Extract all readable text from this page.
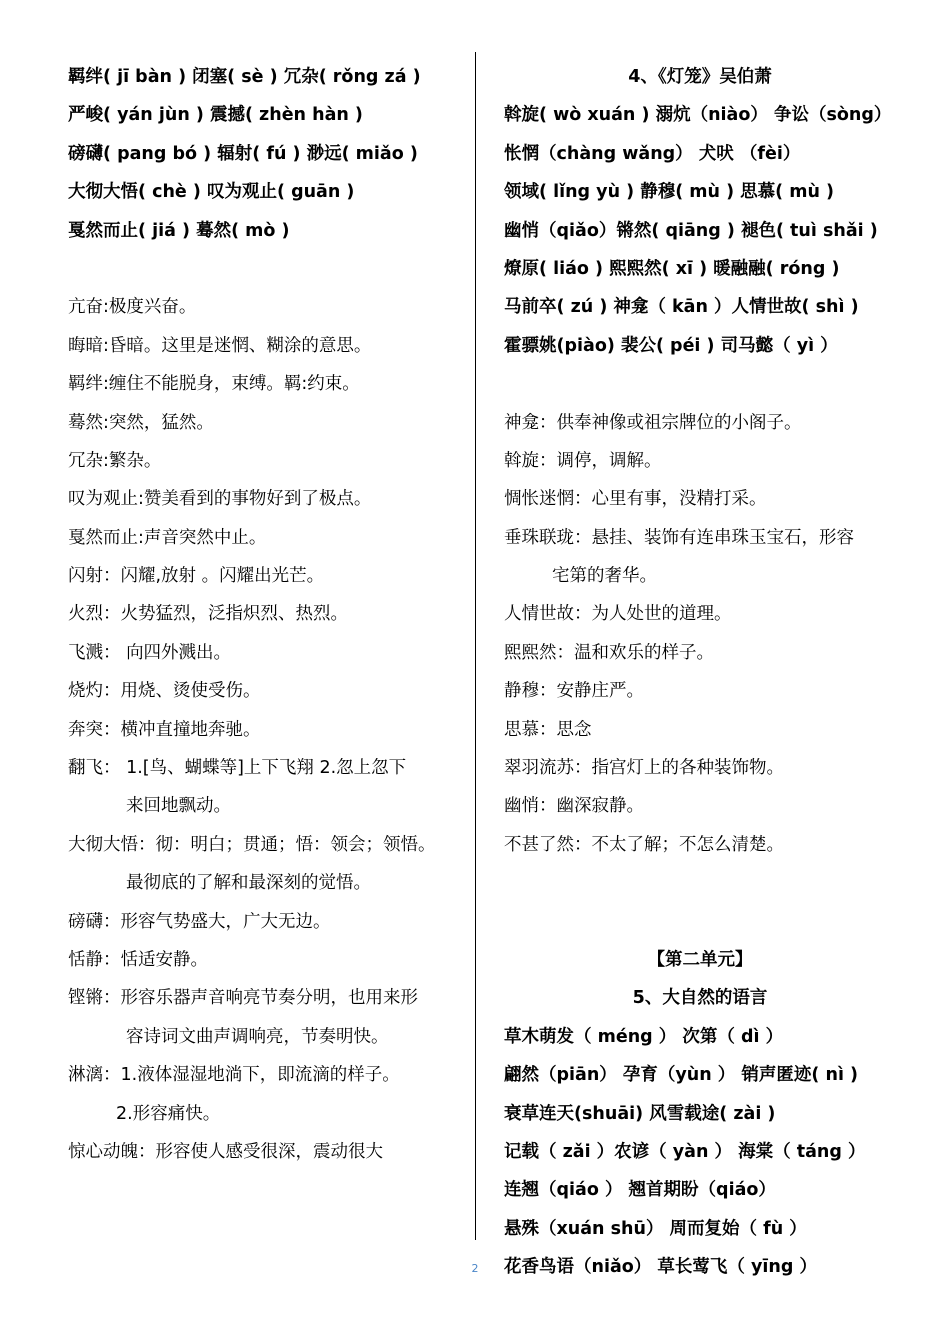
羁绊( jī bàn ) 闭塞( sè ) 冗杂( rǒng zá )
严峻( yán jùn ) 震撼( zhèn hàn )
磅礴( pang bó ) 辐射( fú ) 渺远( miǎo )
大彻大悟( chè ) 叹为观止( guān )
戛然而止( jiá ) 蓦然( mò )
亢奋:极度兴奋。
晦暗:昏暗。这里是迷惘、糊涂的意思。
羁绊:缠住不能脱身，束缚。羁:约束。
蓦然:突然，猛然。
冗杂:繁杂。
叹为观止:赞美看到的事物好到了极点。
戛然而止:声音突然中止。
闪射：闪耀,放射 。闪耀出光芒。
火烈：火势猛烈，泛指炽烈、热烈。
飞溅： 向四外溅出。
烧灼：用烧、烫使受伤。
奔突：横冲直撞地奔驰。
翻飞： 1.[鸟、蝴蝶等]上下飞翔 2.忽上忽下
来回地飘动。
大彻大悟：彻：明白；贯通；悟：领会；领悟。
最彻底的了解和最深刻的觉悟。
磅礴：形容气势盛大，广大无边。
恬静：恬适安静。
铿锵：形容乐器声音响亮节奏分明，也用来形
容诗词文曲声调响亮，节奏明快。
淋漓：1.液体湿湿地淌下，即流滴的样子。
2.形容痛快。
惊心动魄：形容使人感受很深，震动很大
4、《灯笼》吴伯萧
斡旋( wò xuán ) 溺炕（niào） 争讼（sòng）
怅惘（chàng wǎng） 犬吠 （fèi）
领域( lǐng yù ) 静穆( mù ) 思慕( mù )
幽悄（qiǎo）锵然( qiāng ) 褪色( tuì shǎi )
燎原( liáo ) 熙熙然( xī ) 暖融融( róng )
马前卒( zú ) 神龛（ kān ）人情世故( shì )
霍骠姚(piào) 裴公( péi ) 司马懿（ yì ）
神龛：供奉神像或祖宗牌位的小阁子。
斡旋：调停，调解。
惆怅迷惘：心里有事，没精打采。
垂珠联珑：悬挂、装饰有连串珠玉宝石，形容
宅第的奢华。
人情世故：为人处世的道理。
熙熙然：温和欢乐的样子。
静穆：安静庄严。
思慕：思念
翠羽流苏：指宫灯上的各种装饰物。
幽悄：幽深寂静。
不甚了然：不太了解；不怎么清楚。
【第二单元】
5、大自然的语言
草木萌发（ méng ） 次第（ dì ）
翩然（piān） 孕育（yùn ） 销声匿迹( nì )
衰草连天(shuāi) 风雪载途( zài )
记载（ zǎi ）农谚（ yàn ） 海棠（ táng ）
连翘（qiáo ） 翘首期盼（qiáo）
悬殊（xuán shū） 周而复始（ fù ）
花香鸟语（niǎo） 草长莺飞（ yīng ）
2
